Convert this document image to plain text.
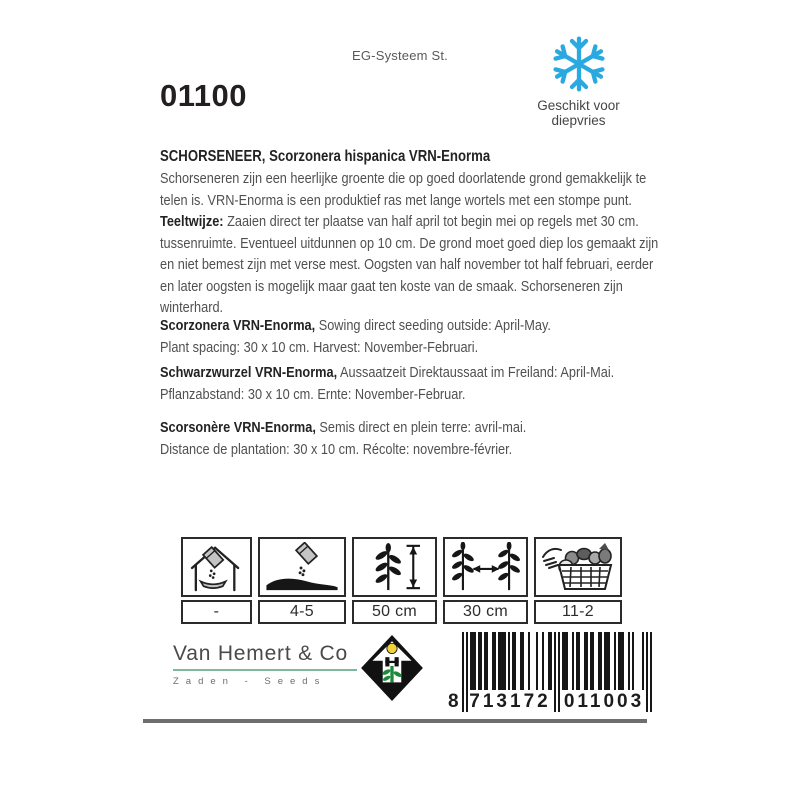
EG-Systeem St.
01100	Geschikt voor
diepvries
SCHORSENEER, Scorzonera hispanica VRN-Enorma
Schorseneren zijn een heerlijke groente die op goed doorlatende grond gemakkelijk te telen is. VRN-Enorma is een produktief ras met lange wortels met een stompe punt. Teeltwijze: Zaaien direct ter plaatse van half april tot begin mei op regels met 30 cm. tussenruimte. Eventueel uitdunnen op 10 cm. De grond moet goed diep los gemaakt zijn en niet bemest zijn met verse mest. Oogsten van half november tot half februari, eerder en later oogsten is mogelijk maar gaat ten koste van de smaak. Schorseneren zijn winterhard.
Scorzonera VRN-Enorma, Sowing direct seeding outside: April-May.
Plant spacing: 30 x 10 cm. Harvest: November-Februari.
Schwarzwurzel VRN-Enorma, Aussaatzeit Direktaussaat im Freiland: April-Mai.
Pflanzabstand: 30 x 10 cm. Ernte: November-Februar.
Scorsonère VRN-Enorma, Semis direct en plein terre: avril-mai.
Distance de plantation: 30 x 10 cm. Récolte: novembre-février.
-	4-5	50 cm	30 cm	11-2
Van Hemert & Co
Zaden - Seeds
8 713172 011003
